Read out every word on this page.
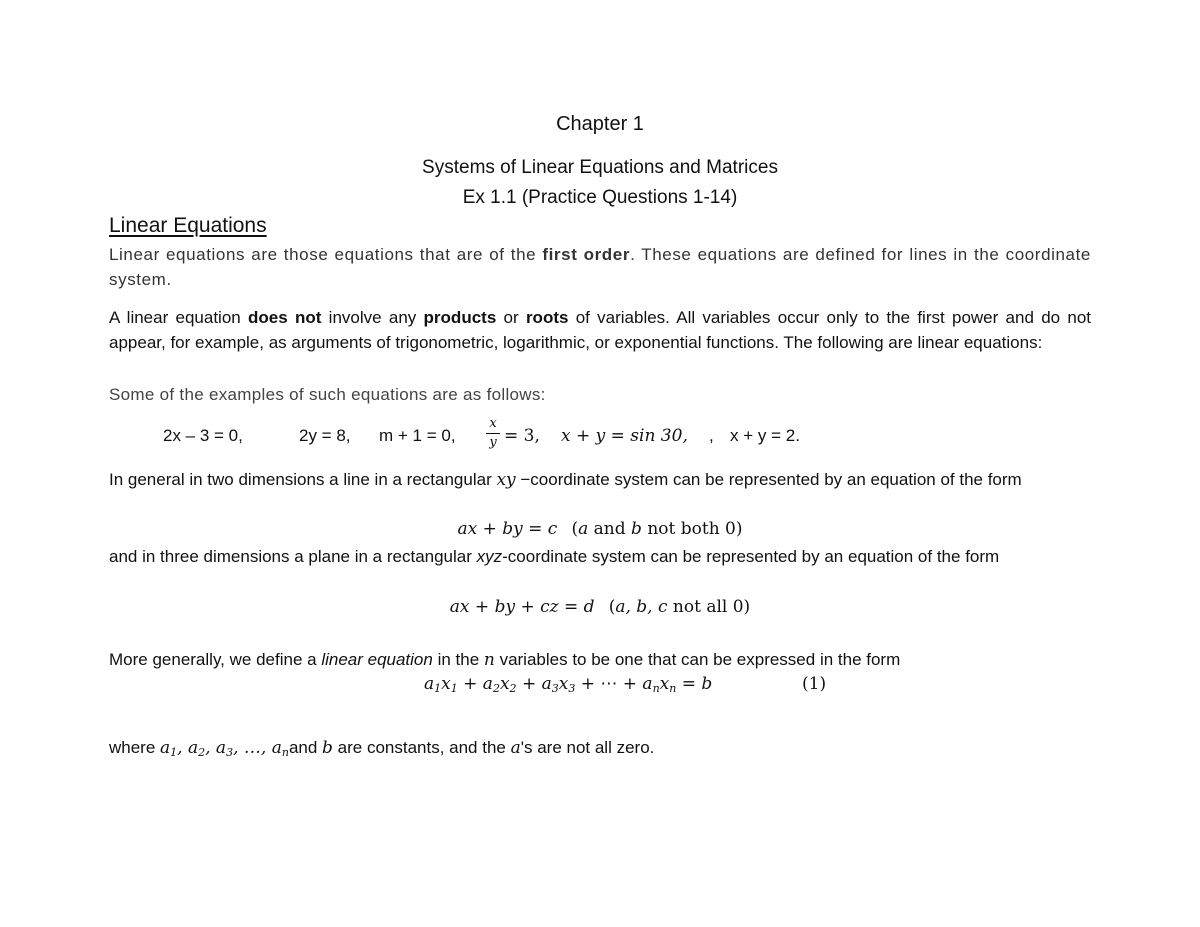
Chapter 1
Systems of Linear Equations and Matrices
Ex 1.1 (Practice Questions 1-14)
Linear Equations
Linear equations are those equations that are of the first order. These equations are defined for lines in the coordinate system.
A linear equation does not involve any products or roots of variables. All variables occur only to the first power and do not appear, for example, as arguments of trigonometric, logarithmic, or exponential functions. The following are linear equations:
Some of the examples of such equations are as follows:
2x – 3 = 0,	2y = 8, m + 1 = 0,
x
y = 3, x + y = sin 30, , x + y = 2.
In general in two dimensions a line in a rectangular xy −coordinate system can be represented by an equation of the form
ax + by = c (a and b not both 0)
and in three dimensions a plane in a rectangular xyz-coordinate system can be represented by an equation of the form
ax + by + cz = d (a, b, c not all 0)
More generally, we define a linear equation in the n variables to be one that can be expressed in the form
$a_1x_1 + a_2x_2 + a_3x_3$ + ⋯ + $a_nx_n = b$	(1)
where $a_1$, $a_2$, $a_3$, …, $a_nand$ b are constants, and the a's are not all zero.
